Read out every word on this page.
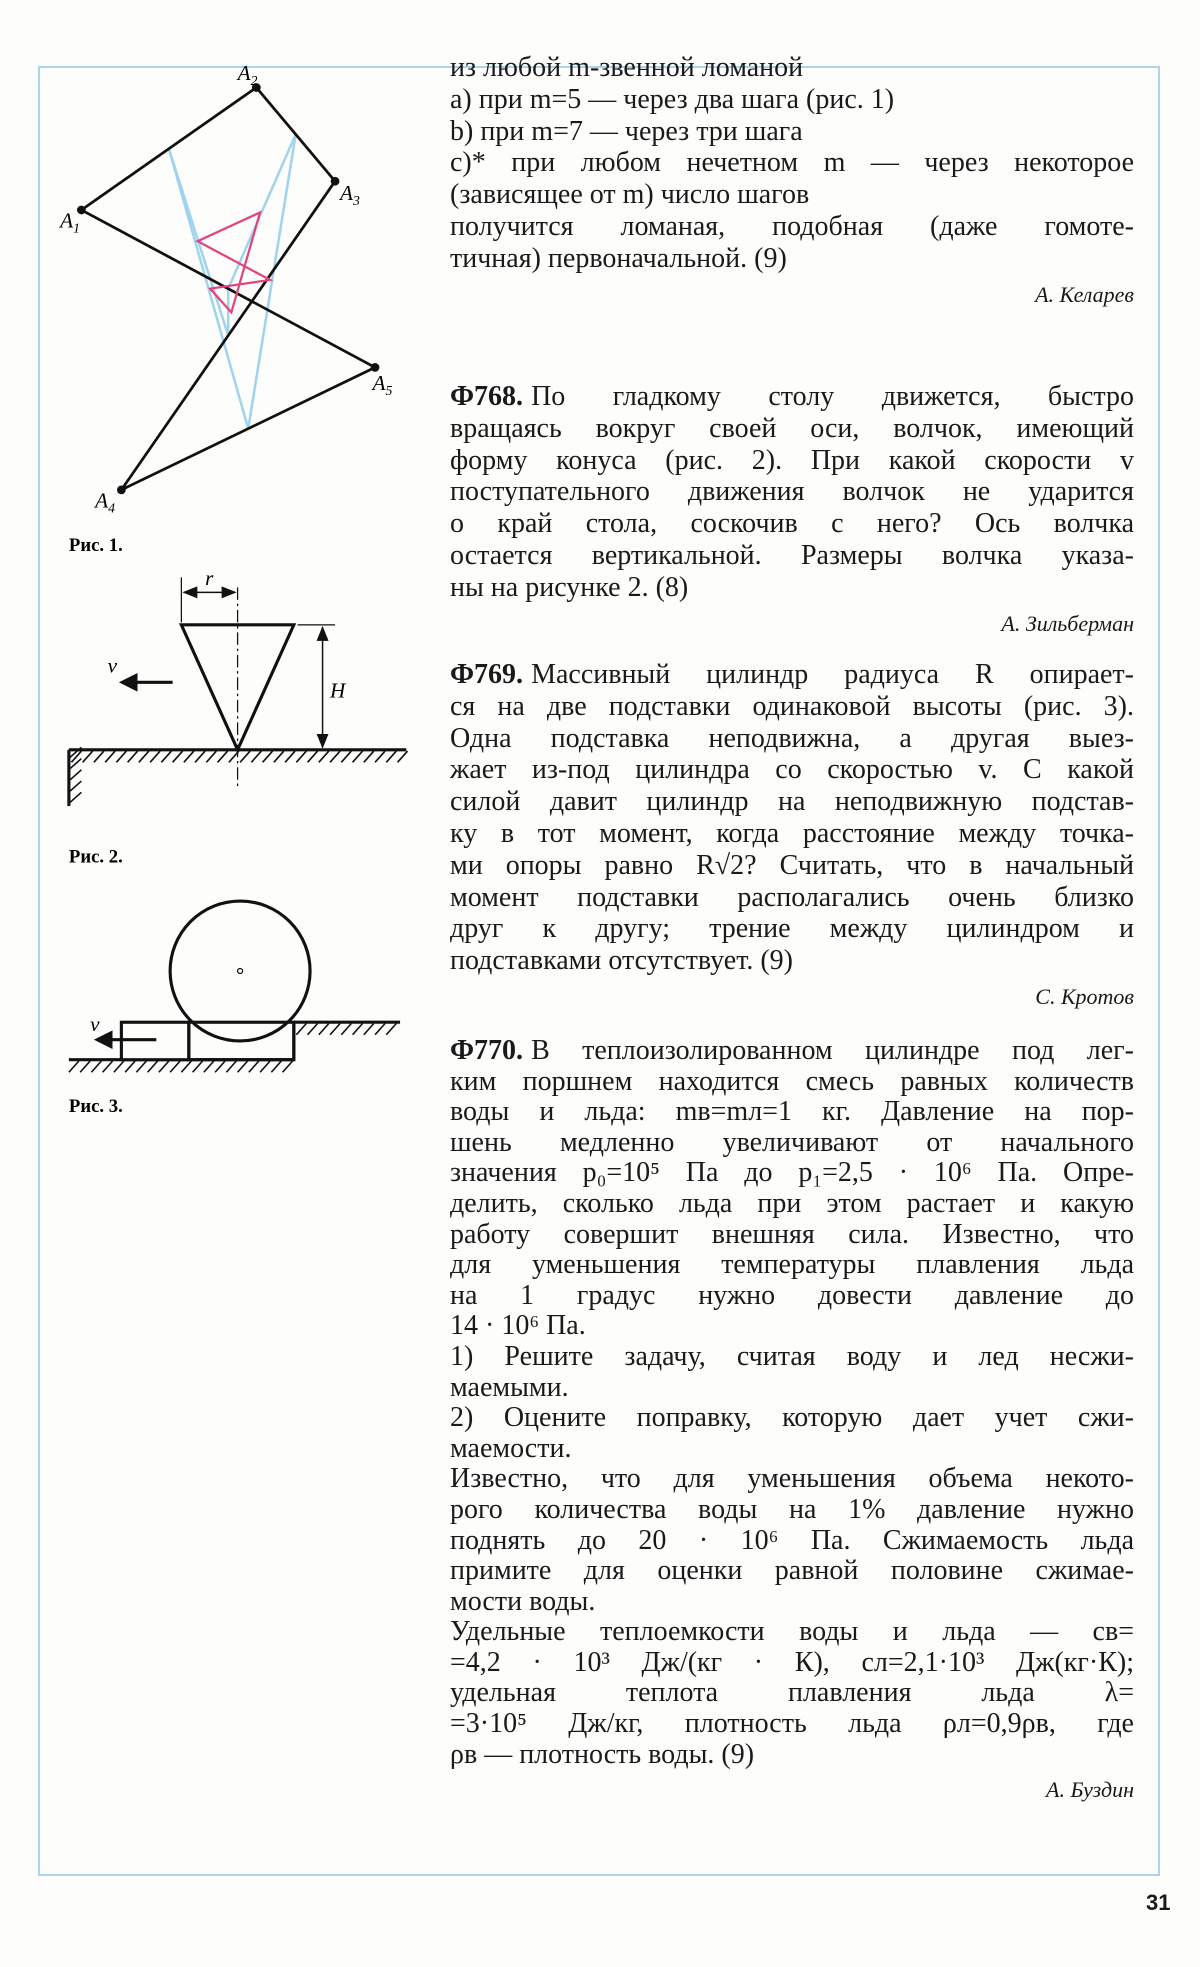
$A_2$
$A_3$
$A_1$
$A_4$
$A_5$
Рис. 1.
r
H
v
Рис. 2.
v
Рис. 3.
из любой m-звенной ломаной
a) при m=5 — через два шага (рис. 1)
b) при m=7 — через три шага
c)* при любом нечетном m — через некоторое
(зависящее от m) число шагов
получится ломаная, подобная (даже гомоте-
тичная) первоначальной. (9)
А. Келарев
Ф768. По гладкому столу движется, быстро
вращаясь вокруг своей оси, волчок, имеющий
форму конуса (рис. 2). При какой скорости v
поступательного движения волчок не ударится
о край стола, соскочив с него? Ось волчка
остается вертикальной. Размеры волчка указа-
ны на рисунке 2. (8)
А. Зильберман
Ф769. Массивный цилиндр радиуса R опирает-
ся на две подставки одинаковой высоты (рис. 3).
Одна подставка неподвижна, а другая выез-
жает из-под цилиндра со скоростью v. С какой
силой давит цилиндр на неподвижную подстав-
ку в тот момент, когда расстояние между точка-
ми опоры равно R√2? Считать, что в начальный
момент подставки располагались очень близко
друг к другу; трение между цилиндром и
подставками отсутствует. (9)
С. Кротов
Ф770. В теплоизолированном цилиндре под лег-
ким поршнем находится смесь равных количеств
воды и льда: mв=mл=1 кг. Давление на пор-
шень медленно увеличивают от начального
значения p₀=10⁵ Па до p₁=2,5 · 10⁶ Па. Опре-
делить, сколько льда при этом растает и какую
работу совершит внешняя сила. Известно, что
для уменьшения температуры плавления льда
на 1 градус нужно довести давление до
14 · 10⁶ Па.
1) Решите задачу, считая воду и лед несжи-
маемыми.
2) Оцените поправку, которую дает учет сжи-
маемости.
Известно, что для уменьшения объема некото-
рого количества воды на 1% давление нужно
поднять до 20 · 10⁶ Па. Сжимаемость льда
примите для оценки равной половине сжимае-
мости воды.
Удельные теплоемкости воды и льда — cв=
=4,2 · 10³ Дж/(кг · К), cл=2,1·10³ Дж(кг·К);
удельная теплота плавления льда λ=
=3·10⁵ Дж/кг, плотность льда ρл=0,9ρв, где
ρв — плотность воды. (9)
А. Буздин
31
